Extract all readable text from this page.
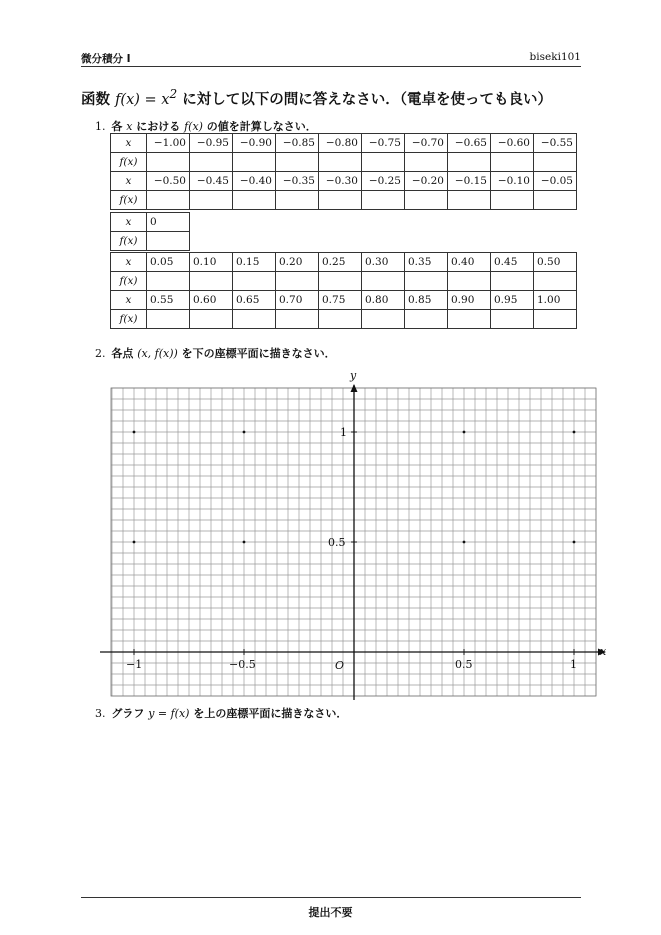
微分積分 I	biseki101
函数 $f(x) = x^2$ に対して以下の問に答えなさい．（電卓を使っても良い）
1. 各 x における f(x) の値を計算しなさい．
x	−1.00	−0.95	−0.90	−0.85	−0.80	−0.75	−0.70	−0.65	−0.60	−0.55
f(x)										
x	−0.50	−0.45	−0.40	−0.35	−0.30	−0.25	−0.20	−0.15	−0.10	−0.05
f(x)										
x	0
f(x)	
x	0.05	0.10	0.15	0.20	0.25	0.30	0.35	0.40	0.45	0.50
f(x)										
x	0.55	0.60	0.65	0.70	0.75	0.80	0.85	0.90	0.95	1.00
f(x)										
2. 各点 (x, f(x)) を下の座標平面に描きなさい．
x
y
O
−1	−0.5	0.5	1
1
0.5
3. グラフ y = f(x) を上の座標平面に描きなさい．
提出不要
